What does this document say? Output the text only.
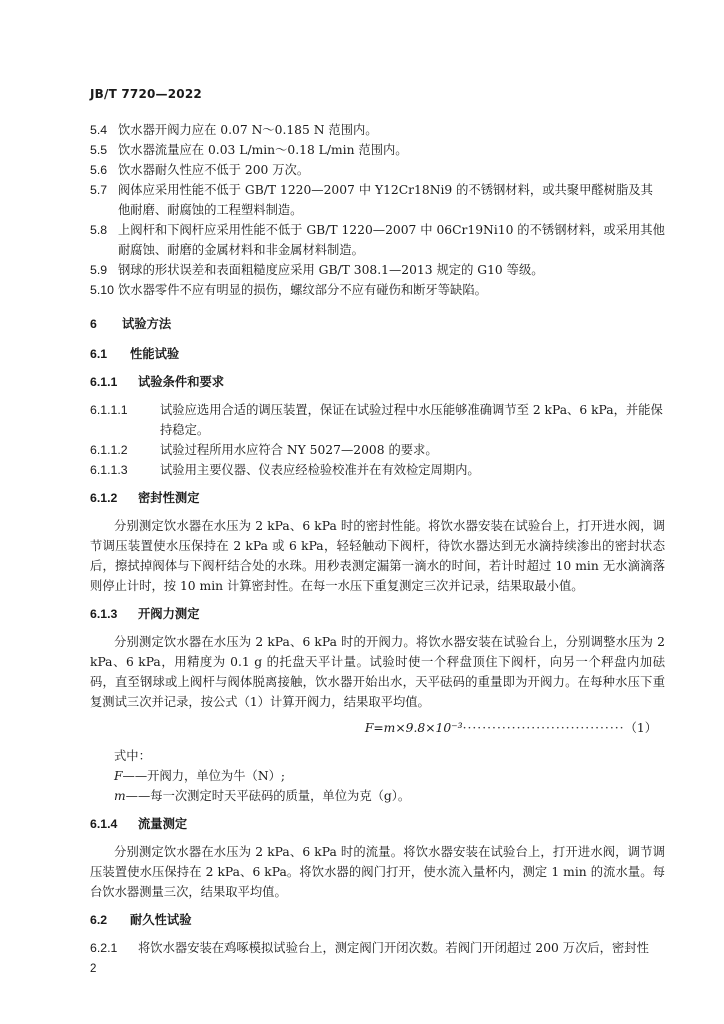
JB/T 7720—2022
5.4 饮水器开阀力应在 0.07 N～0.185 N 范围内。
5.5 饮水器流量应在 0.03 L/min～0.18 L/min 范围内。
5.6 饮水器耐久性应不低于 200 万次。
5.7 阀体应采用性能不低于 GB/T 1220—2007 中 Y12Cr18Ni9 的不锈钢材料，或共聚甲醛树脂及其他耐磨、耐腐蚀的工程塑料制造。
5.8 上阀杆和下阀杆应采用性能不低于 GB/T 1220—2007 中 06Cr19Ni10 的不锈钢材料，或采用其他耐腐蚀、耐磨的金属材料和非金属材料制造。
5.9 钢球的形状误差和表面粗糙度应采用 GB/T 308.1—2013 规定的 G10 等级。
5.10 饮水器零件不应有明显的损伤，螺纹部分不应有碰伤和断牙等缺陷。
6	试验方法
6.1	性能试验
6.1.1	试验条件和要求
6.1.1.1	试验应选用合适的调压装置，保证在试验过程中水压能够准确调节至 2 kPa、6 kPa，并能保持稳定。
6.1.1.2	试验过程所用水应符合 NY 5027—2008 的要求。
6.1.1.3	试验用主要仪器、仪表应经检验校准并在有效检定周期内。
6.1.2	密封性测定
分别测定饮水器在水压为 2 kPa、6 kPa 时的密封性能。将饮水器安装在试验台上，打开进水阀，调节调压装置使水压保持在 2 kPa 或 6 kPa，轻轻触动下阀杆，待饮水器达到无水滴持续渗出的密封状态后，擦拭掉阀体与下阀杆结合处的水珠。用秒表测定漏第一滴水的时间，若计时超过 10 min 无水滴滴落则停止计时，按 10 min 计算密封性。在每一水压下重复测定三次并记录，结果取最小值。
6.1.3	开阀力测定
分别测定饮水器在水压为 2 kPa、6 kPa 时的开阀力。将饮水器安装在试验台上，分别调整水压为 2 kPa、6 kPa，用精度为 0.1 g 的托盘天平计量。试验时使一个秤盘顶住下阀杆，向另一个秤盘内加砝码，直至钢球或上阀杆与阀体脱离接触，饮水器开始出水，天平砝码的重量即为开阀力。在每种水压下重复测试三次并记录，按公式（1）计算开阀力，结果取平均值。
F=m×9.8×10⁻³ ································· （1）
式中：
F——开阀力，单位为牛（N）;
m——每一次测定时天平砝码的质量，单位为克（g）。
6.1.4	流量测定
分别测定饮水器在水压为 2 kPa、6 kPa 时的流量。将饮水器安装在试验台上，打开进水阀，调节调压装置使水压保持在 2 kPa、6 kPa。将饮水器的阀门打开，使水流入量杯内，测定 1 min 的流水量。每台饮水器测量三次，结果取平均值。
6.2	耐久性试验
6.2.1	将饮水器安装在鸡啄模拟试验台上，测定阀门开闭次数。若阀门开闭超过 200 万次后，密封性
2
